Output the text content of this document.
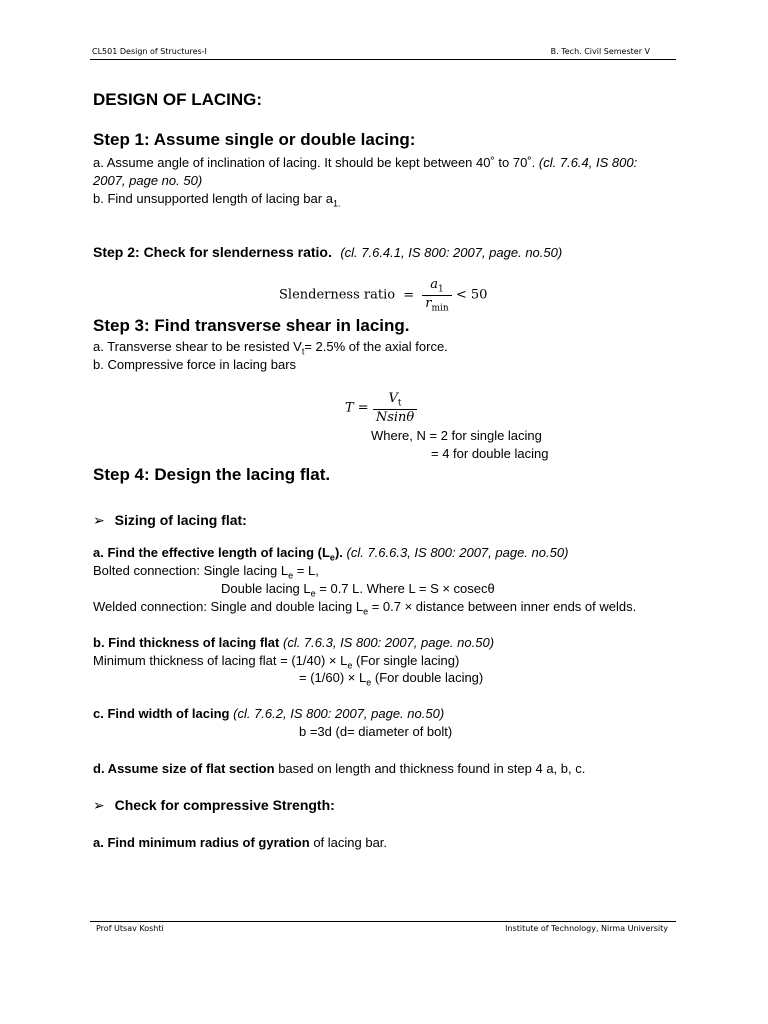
CL501 Design of Structures-I	B. Tech. Civil Semester V
DESIGN OF LACING:
Step 1: Assume single or double lacing:
a. Assume angle of inclination of lacing. It should be kept between 40˚ to 70˚. (cl. 7.6.4, IS 800:
2007, page no. 50)
b. Find unsupported length of lacing bar $a_{1.}$
Step 2: Check for slenderness ratio. (cl. 7.6.4.1, IS 800: 2007, page. no.50)
Slenderness ratio = $\frac{a_1}{r_{min}} < 50$
Step 3: Find transverse shear in lacing.
a. Transverse shear to be resisted $V_t= 2.5\%$ of the axial force.
b. Compressive force in lacing bars
$T = \frac{V_t}{Nsin\theta}$
Where, N = 2 for single lacing
= 4 for double lacing
Step 4: Design the lacing flat.
➢ Sizing of lacing flat:
a. Find the effective length of lacing $(L_e)$. (cl. 7.6.6.3, IS 800: 2007, page. no.50)
Bolted connection: Single lacing $L_e = L$,
Double lacing $L_e = 0.7$ L. Where L = S × cosecθ
Welded connection: Single and double lacing $L_e = 0.7$ × distance between inner ends of welds.
b. Find thickness of lacing flat (cl. 7.6.3, IS 800: 2007, page. no.50)
Minimum thickness of lacing flat = $(1/40) \times L_e$ (For single lacing)
= $(1/60) \times L_e$ (For double lacing)
c. Find width of lacing (cl. 7.6.2, IS 800: 2007, page. no.50)
b =3d (d= diameter of bolt)
d. Assume size of flat section based on length and thickness found in step 4 a, b, c.
➢ Check for compressive Strength:
a. Find minimum radius of gyration of lacing bar.
Prof Utsav Koshti	Institute of Technology, Nirma University
